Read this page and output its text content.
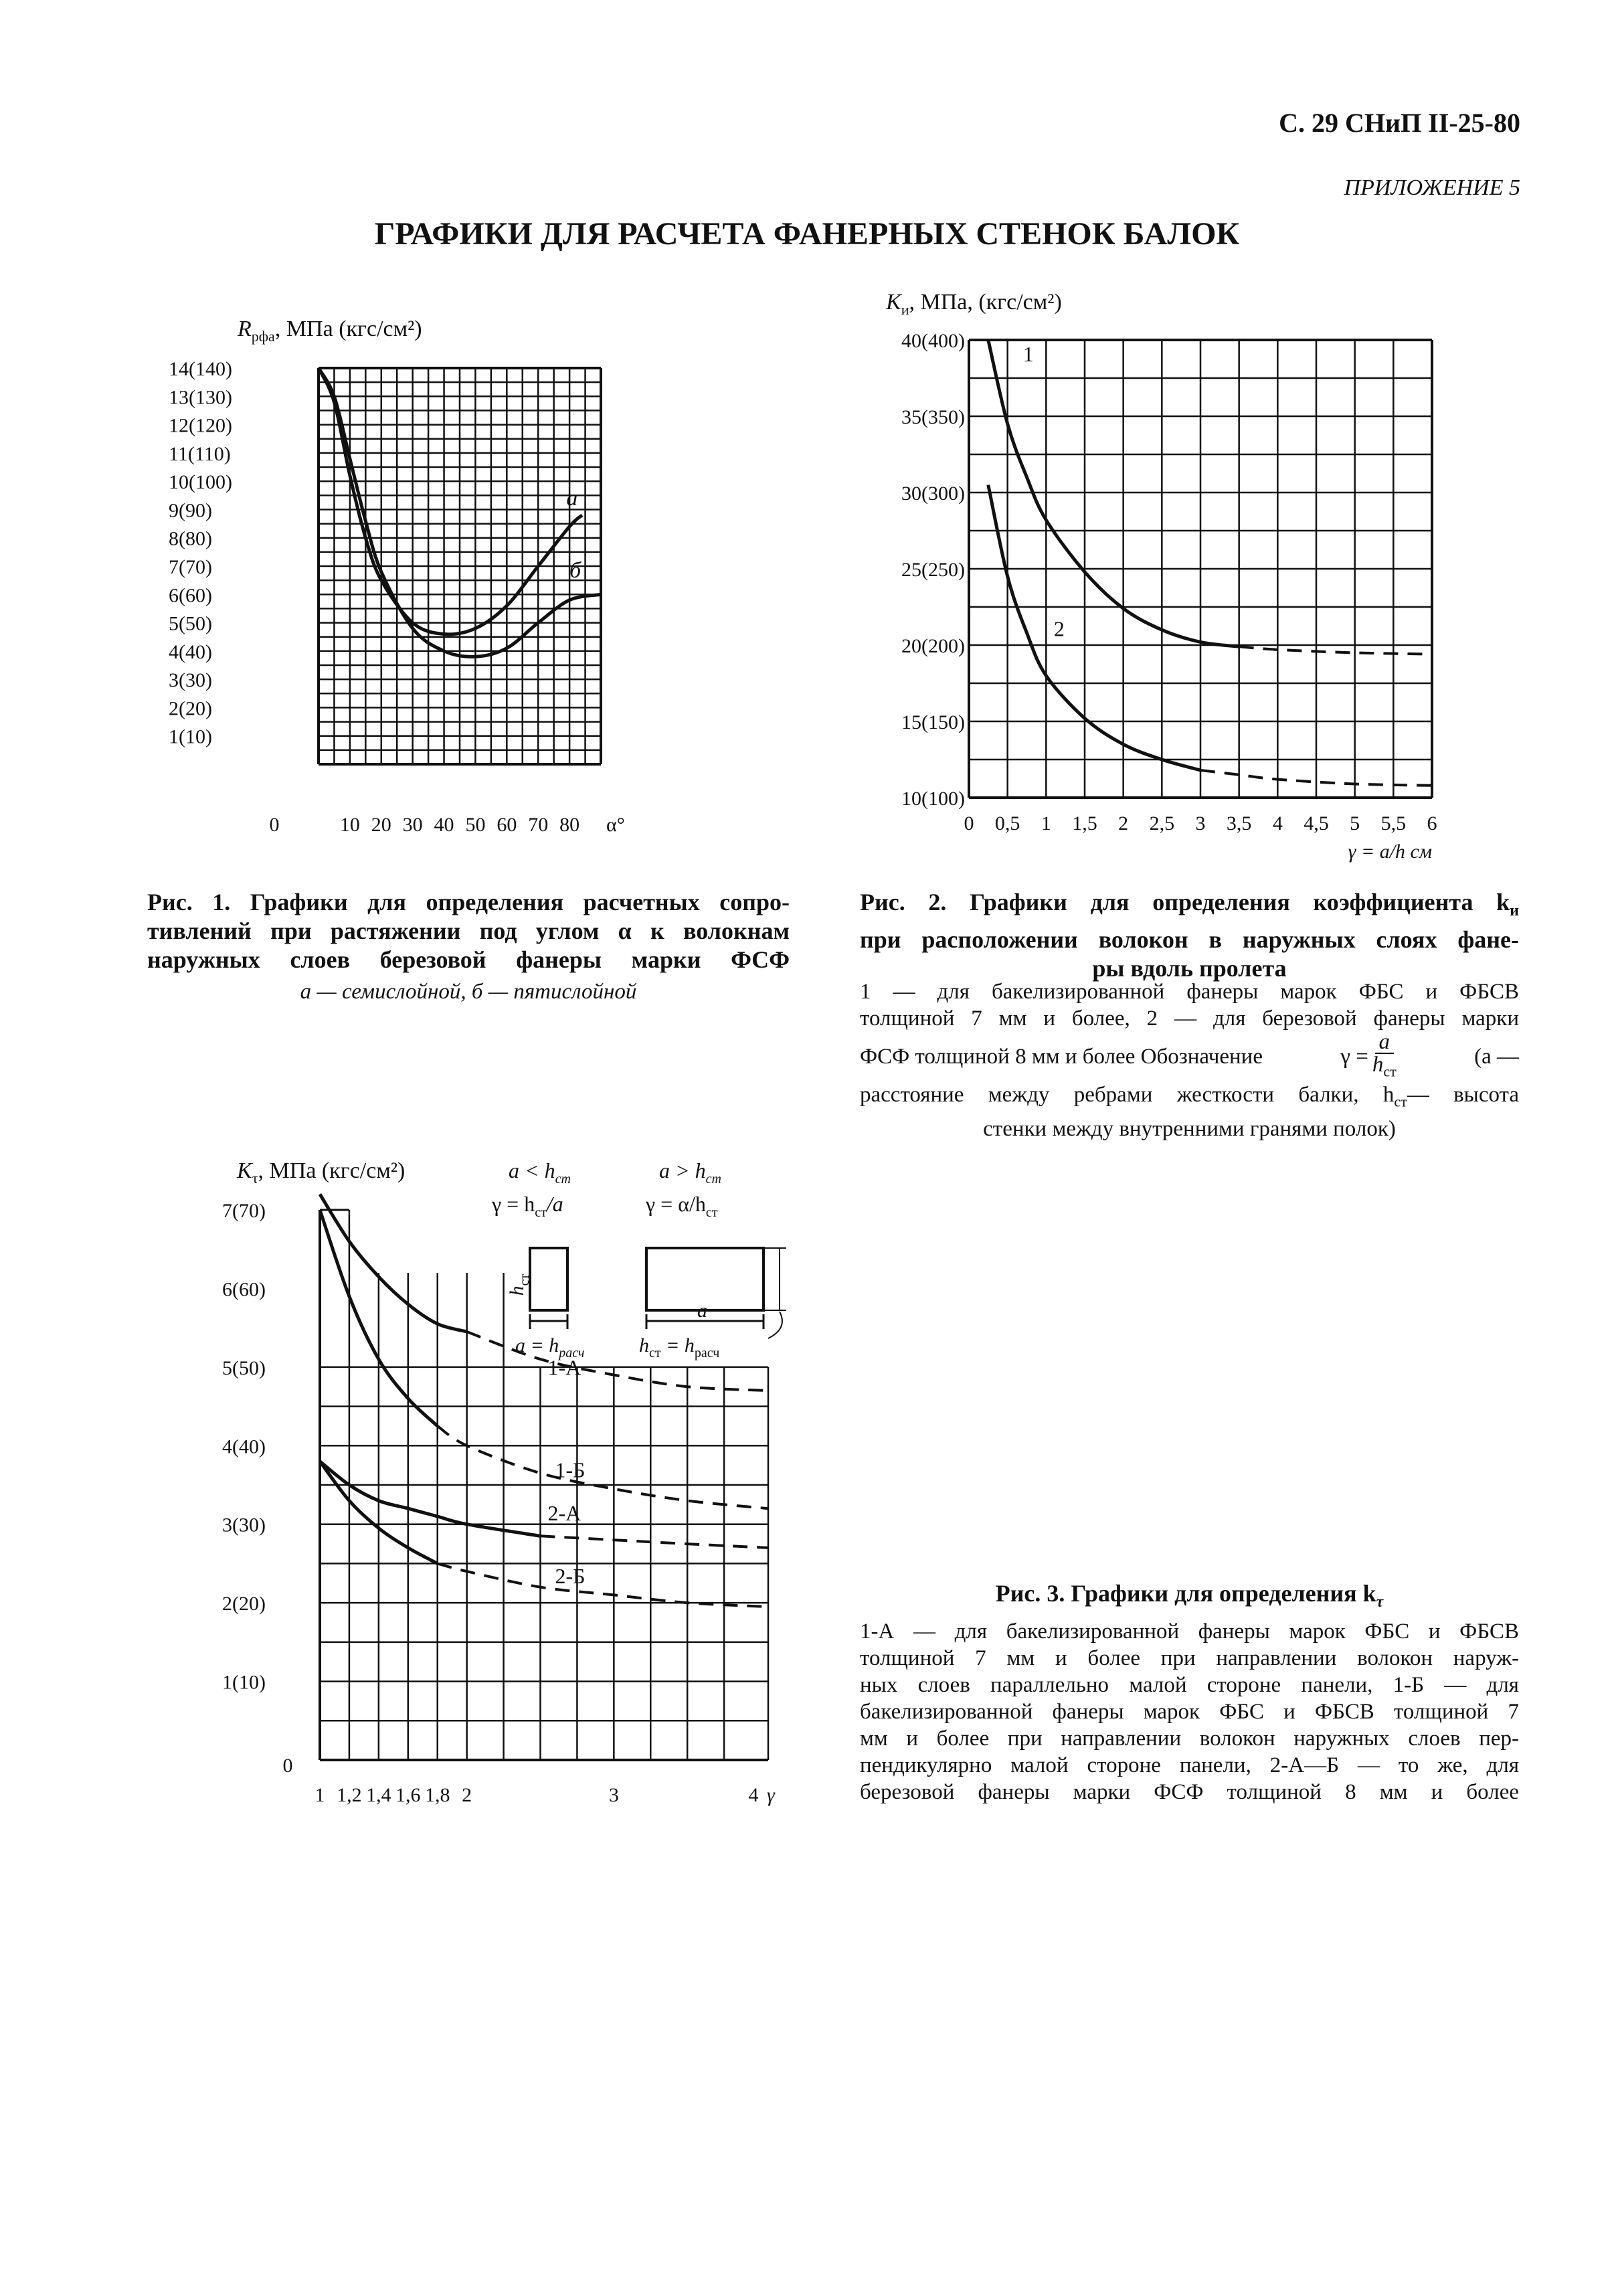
С. 29 СНиП II-25-80
ПРИЛОЖЕНИЕ 5
ГРАФИКИ ДЛЯ РАСЧЕТА ФАНЕРНЫХ СТЕНОК БАЛОК
$R_{рфа}$, МПа (кгс/см²)
14(140)
13(130)
12(120)
11(110)
10(100)
9(90)
8(80)
7(70)
6(60)
5(50)
4(40)
3(30)
2(20)
1(10)
0	10 20 30 40 50 60 70 80 α°
а
б
Рис. 1. Графики для определения расчетных сопро-
тивлений при растяжении под углом α к волокнам
наружных слоев березовой фанеры марки ФСФ
а — семислойной, б — пятислойной
$K_и$, МПа, (кгс/см²)
40(400)
35(350)
30(300)
25(250)
20(200)
15(150)
10(100)
0 0,5 1 1,5 2 2,5 3 3,5 4 4,5 5 5,5 6
γ = a/h см
1
2
Рис. 2. Графики для определения коэффициента $k_и$
при расположении волокон в наружных слоях фане-
ры вдоль пролета
1 — для бакелизированной фанеры марок ФБС и ФБСВ
толщиной 7 мм и более, 2 — для березовой фанеры марки
ФСФ толщиной 8 мм и более Обозначение	γ =
a
$h_{ст}$
(а —
расстояние между ребрами жесткости балки, $h_{ст}—$ высота
стенки между внутренними гранями полок)
$K_\tau$, МПа (кгс/см²)
7(70)
6(60)
5(50)
4(40)
3(30)
2(20)
1(10)
0
1 1,2 1,4 1,6 1,8 2	3	4 γ
1-А
1-Б
2-А
2-Б
$a < h_{ст}$
$\gamma = h_{ст}/a$
$h_{ст}$
$a = h_{расч}$
$a > h_{ст}$
$\gamma = \alpha/h_{ст}$
a
$h_{ст} = h_{расч}$
Рис. 3. Графики для определения $k_\tau$
1-А — для бакелизированной фанеры марок ФБС и ФБСВ
толщиной 7 мм и более при направлении волокон наруж-
ных слоев параллельно малой стороне панели, 1-Б — для
бакелизированной фанеры марок ФБС и ФБСВ толщиной 7
мм и более при направлении волокон наружных слоев пер-
пендикулярно малой стороне панели, 2-А—Б — то же, для
березовой фанеры марки ФСФ толщиной 8 мм и более
